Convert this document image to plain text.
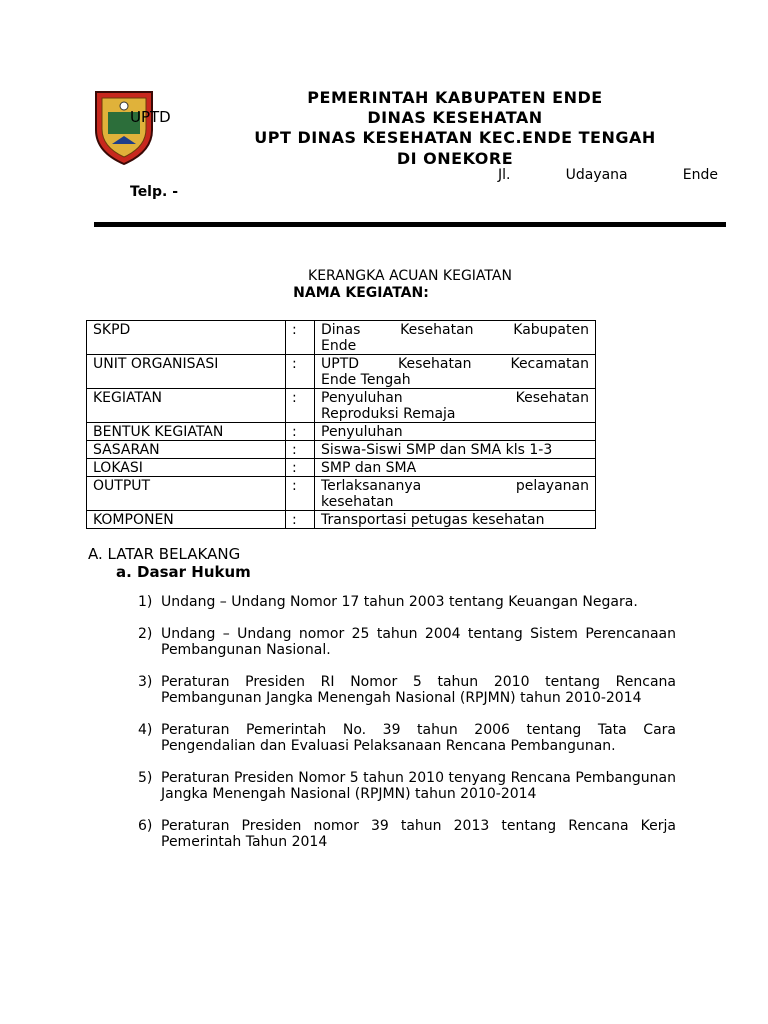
UPTD
PEMERINTAH KABUPATEN ENDE
DINAS KESEHATAN
UPT DINAS KESEHATAN KEC.ENDE TENGAH
DI ONEKORE
Jl.	Udayana	Ende
Telp. -
KERANGKA ACUAN KEGIATAN
NAMA KEGIATAN:
SKPD	:	Dinas Kesehatan Kabupaten
Ende
UNIT ORGANISASI	:	UPTD Kesehatan Kecamatan
Ende Tengah
KEGIATAN	:	Penyuluhan Kesehatan
Reproduksi Remaja
BENTUK KEGIATAN	:	Penyuluhan
SASARAN	:	Siswa-Siswi SMP dan SMA kls 1-3
LOKASI	:	SMP dan SMA
OUTPUT	:	Terlaksananya pelayanan
kesehatan
KOMPONEN	:	Transportasi petugas kesehatan
A. LATAR BELAKANG
a. Dasar Hukum
1) Undang – Undang Nomor 17 tahun 2003 tentang Keuangan Negara.
2) Undang – Undang nomor 25 tahun 2004 tentang Sistem Perencanaan Pembangunan Nasional.
3) Peraturan Presiden RI Nomor 5 tahun 2010 tentang Rencana Pembangunan Jangka Menengah Nasional (RPJMN) tahun 2010-2014
4) Peraturan Pemerintah No. 39 tahun 2006 tentang Tata Cara Pengendalian dan Evaluasi Pelaksanaan Rencana Pembangunan.
5) Peraturan Presiden Nomor 5 tahun 2010 tenyang Rencana Pembangunan Jangka Menengah Nasional (RPJMN) tahun 2010-2014
6) Peraturan Presiden nomor 39 tahun 2013 tentang Rencana Kerja Pemerintah Tahun 2014
